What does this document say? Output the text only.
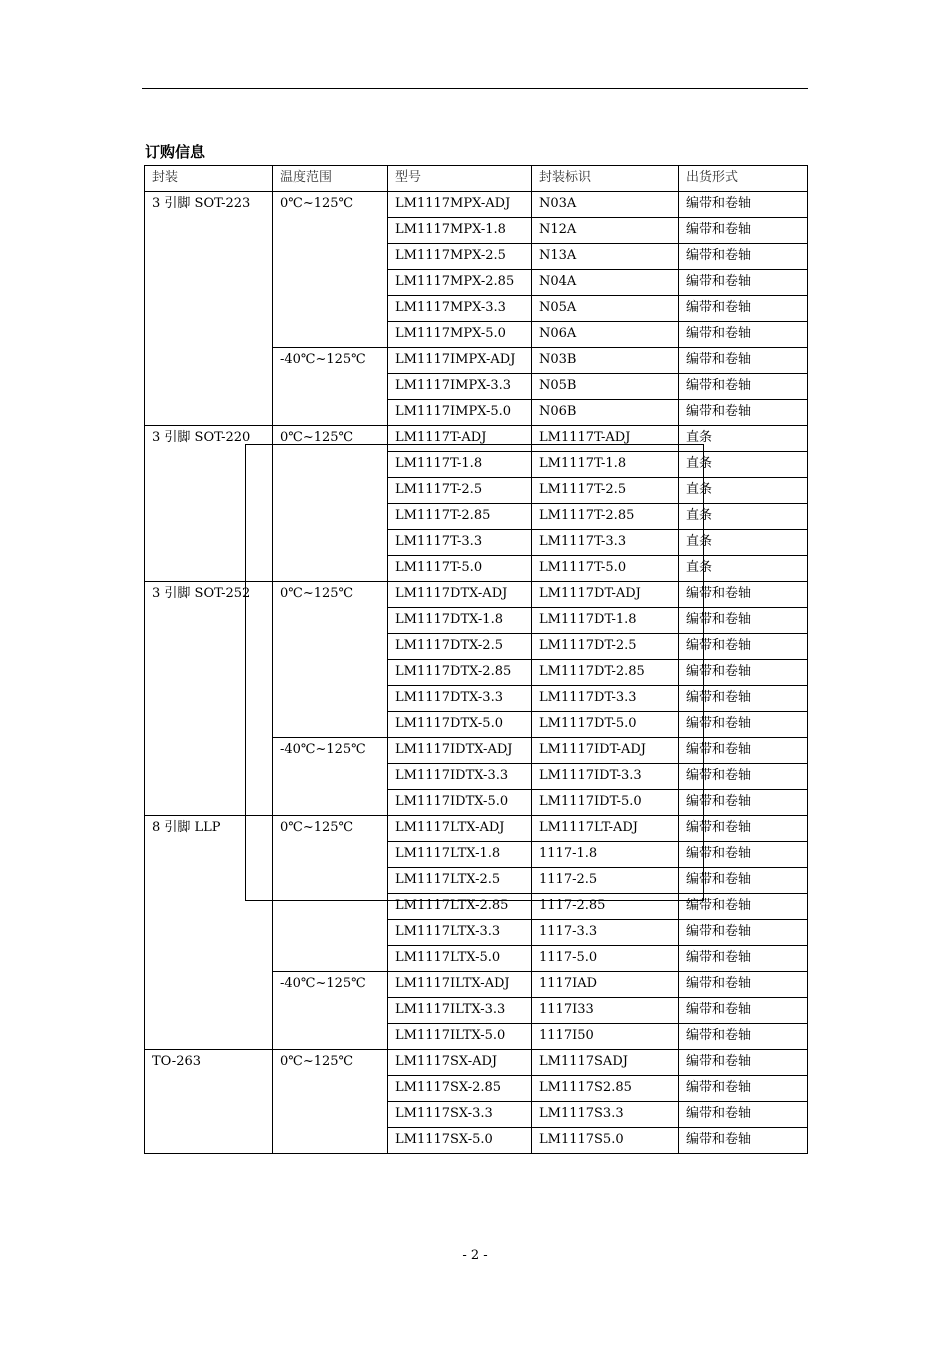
订购信息
封装	温度范围	型号	封装标识	出货形式
3 引脚 SOT-223	0℃~125℃	LM1117MPX-ADJ	N03A	编带和卷轴
		LM1117MPX-1.8	N12A	编带和卷轴
		LM1117MPX-2.5	N13A	编带和卷轴
		LM1117MPX-2.85	N04A	编带和卷轴
		LM1117MPX-3.3	N05A	编带和卷轴
		LM1117MPX-5.0	N06A	编带和卷轴
	-40℃~125℃	LM1117IMPX-ADJ	N03B	编带和卷轴
		LM1117IMPX-3.3	N05B	编带和卷轴
		LM1117IMPX-5.0	N06B	编带和卷轴
3 引脚 SOT-220	0℃~125℃	LM1117T-ADJ	LM1117T-ADJ	直条
		LM1117T-1.8	LM1117T-1.8	直条
		LM1117T-2.5	LM1117T-2.5	直条
		LM1117T-2.85	LM1117T-2.85	直条
		LM1117T-3.3	LM1117T-3.3	直条
		LM1117T-5.0	LM1117T-5.0	直条
3 引脚 SOT-252	0℃~125℃	LM1117DTX-ADJ	LM1117DT-ADJ	编带和卷轴
		LM1117DTX-1.8	LM1117DT-1.8	编带和卷轴
		LM1117DTX-2.5	LM1117DT-2.5	编带和卷轴
		LM1117DTX-2.85	LM1117DT-2.85	编带和卷轴
		LM1117DTX-3.3	LM1117DT-3.3	编带和卷轴
		LM1117DTX-5.0	LM1117DT-5.0	编带和卷轴
	-40℃~125℃	LM1117IDTX-ADJ	LM1117IDT-ADJ	编带和卷轴
		LM1117IDTX-3.3	LM1117IDT-3.3	编带和卷轴
		LM1117IDTX-5.0	LM1117IDT-5.0	编带和卷轴
8 引脚 LLP	0℃~125℃	LM1117LTX-ADJ	LM1117LT-ADJ	编带和卷轴
		LM1117LTX-1.8	1117-1.8	编带和卷轴
		LM1117LTX-2.5	1117-2.5	编带和卷轴
		LM1117LTX-2.85	1117-2.85	编带和卷轴
		LM1117LTX-3.3	1117-3.3	编带和卷轴
		LM1117LTX-5.0	1117-5.0	编带和卷轴
	-40℃~125℃	LM1117ILTX-ADJ	1117IAD	编带和卷轴
		LM1117ILTX-3.3	1117I33	编带和卷轴
		LM1117ILTX-5.0	1117I50	编带和卷轴
TO-263	0℃~125℃	LM1117SX-ADJ	LM1117SADJ	编带和卷轴
		LM1117SX-2.85	LM1117S2.85	编带和卷轴
		LM1117SX-3.3	LM1117S3.3	编带和卷轴
		LM1117SX-5.0	LM1117S5.0	编带和卷轴
- 2 -
